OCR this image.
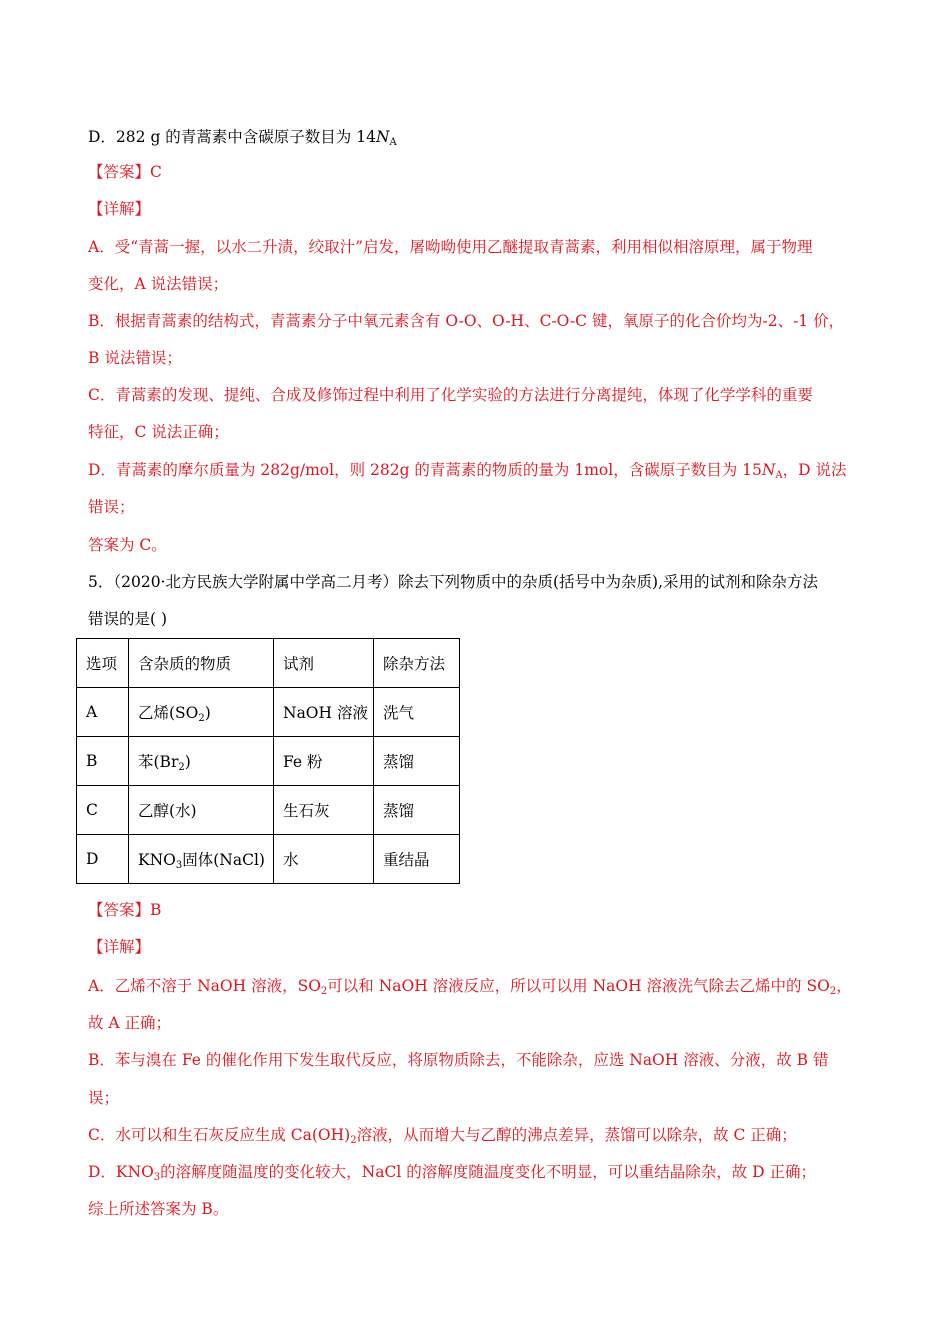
D．282 g 的青蒿素中含碳原子数目为 $14N_A$
【答案】C
【详解】
A．受“青蒿一握，以水二升渍，绞取汁”启发，屠呦呦使用乙醚提取青蒿素，利用相似相溶原理，属于物理
变化，A 说法错误；
B．根据青蒿素的结构式，青蒿素分子中氧元素含有 O-O、O-H、C-O-C 键，氧原子的化合价均为-2、-1 价，
B 说法错误；
C．青蒿素的发现、提纯、合成及修饰过程中利用了化学实验的方法进行分离提纯，体现了化学学科的重要
特征，C 说法正确；
D．青蒿素的摩尔质量为 282g/mol，则 282g 的青蒿素的物质的量为 1mol，含碳原子数目为 $15N_A$，D 说法
错误；
答案为 C。
5．（2020·北方民族大学附属中学高二月考）除去下列物质中的杂质(括号中为杂质),采用的试剂和除杂方法
错误的是( )
选项	含杂质的物质	试剂	除杂方法
A	乙烯$(SO_2)$	NaOH 溶液	洗气
B	苯$(Br_2)$	Fe 粉	蒸馏
C	乙醇(水)	生石灰	蒸馏
D	$KNO_3$固体(NaCl)	水	重结晶
【答案】B
【详解】
A．乙烯不溶于 NaOH 溶液，$SO_2$可以和 NaOH 溶液反应，所以可以用 NaOH 溶液洗气除去乙烯中的 $SO_2$，
故 A 正确；
B．苯与溴在 Fe 的催化作用下发生取代反应，将原物质除去，不能除杂，应选 NaOH 溶液、分液，故 B 错
误；
C．水可以和生石灰反应生成 $Ca(OH)_2$溶液，从而增大与乙醇的沸点差异，蒸馏可以除杂，故 C 正确；
D．$KNO_3$的溶解度随温度的变化较大，NaCl 的溶解度随温度变化不明显，可以重结晶除杂，故 D 正确；
综上所述答案为 B。
